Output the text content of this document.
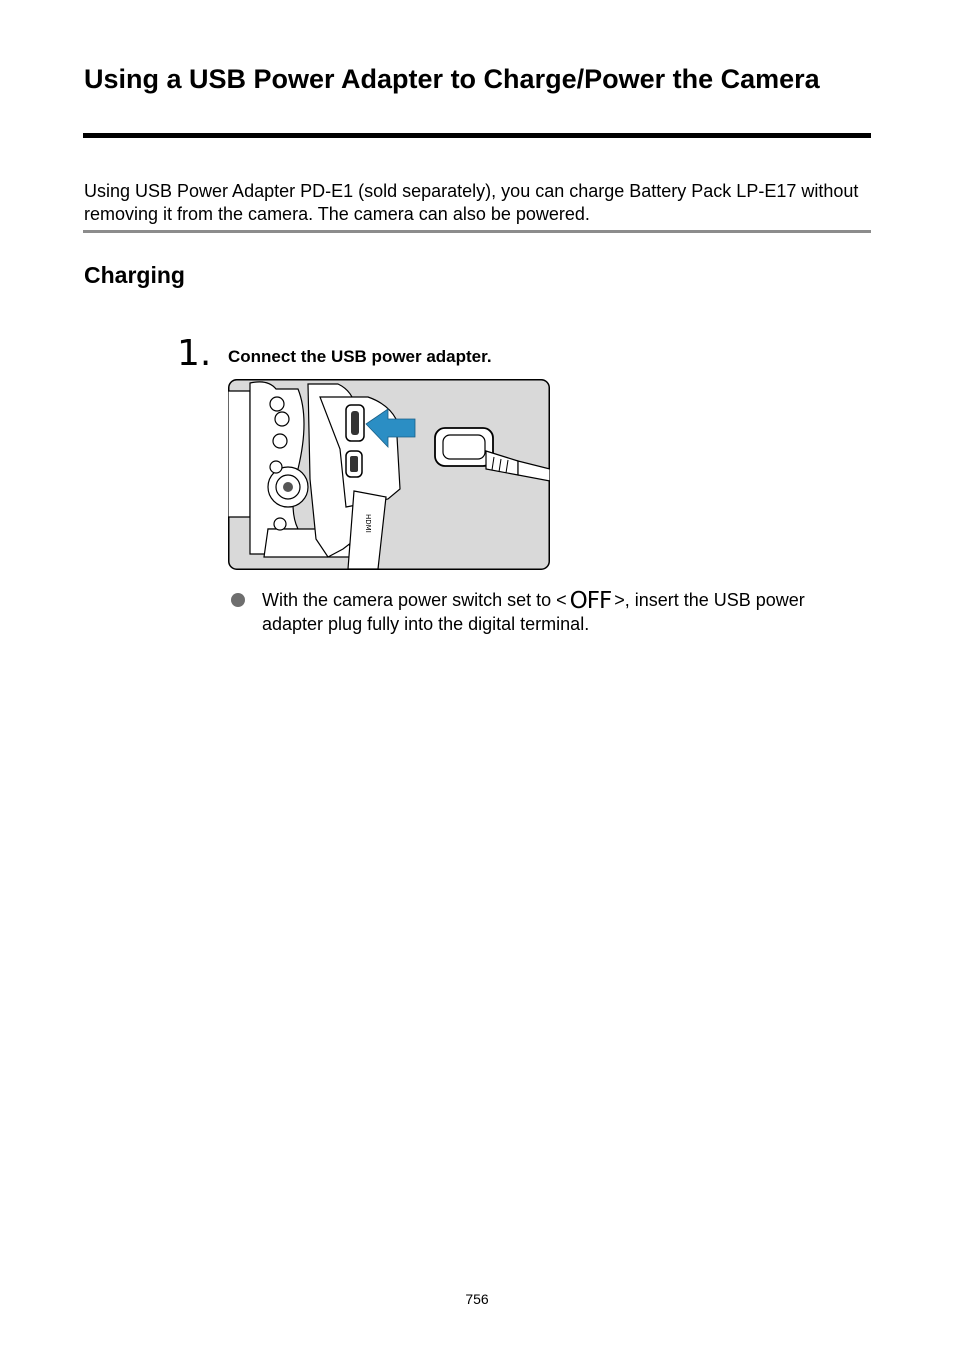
Using a USB Power Adapter to Charge/Power the Camera

Using USB Power Adapter PD-E1 (sold separately), you can charge Battery Pack LP-E17 without removing it from the camera. The camera can also be powered.

Charging
1. Connect the USB power adapter.
HDMI

With the camera power switch set to < OFF >, insert the USB power adapter plug fully into the digital terminal.

756
